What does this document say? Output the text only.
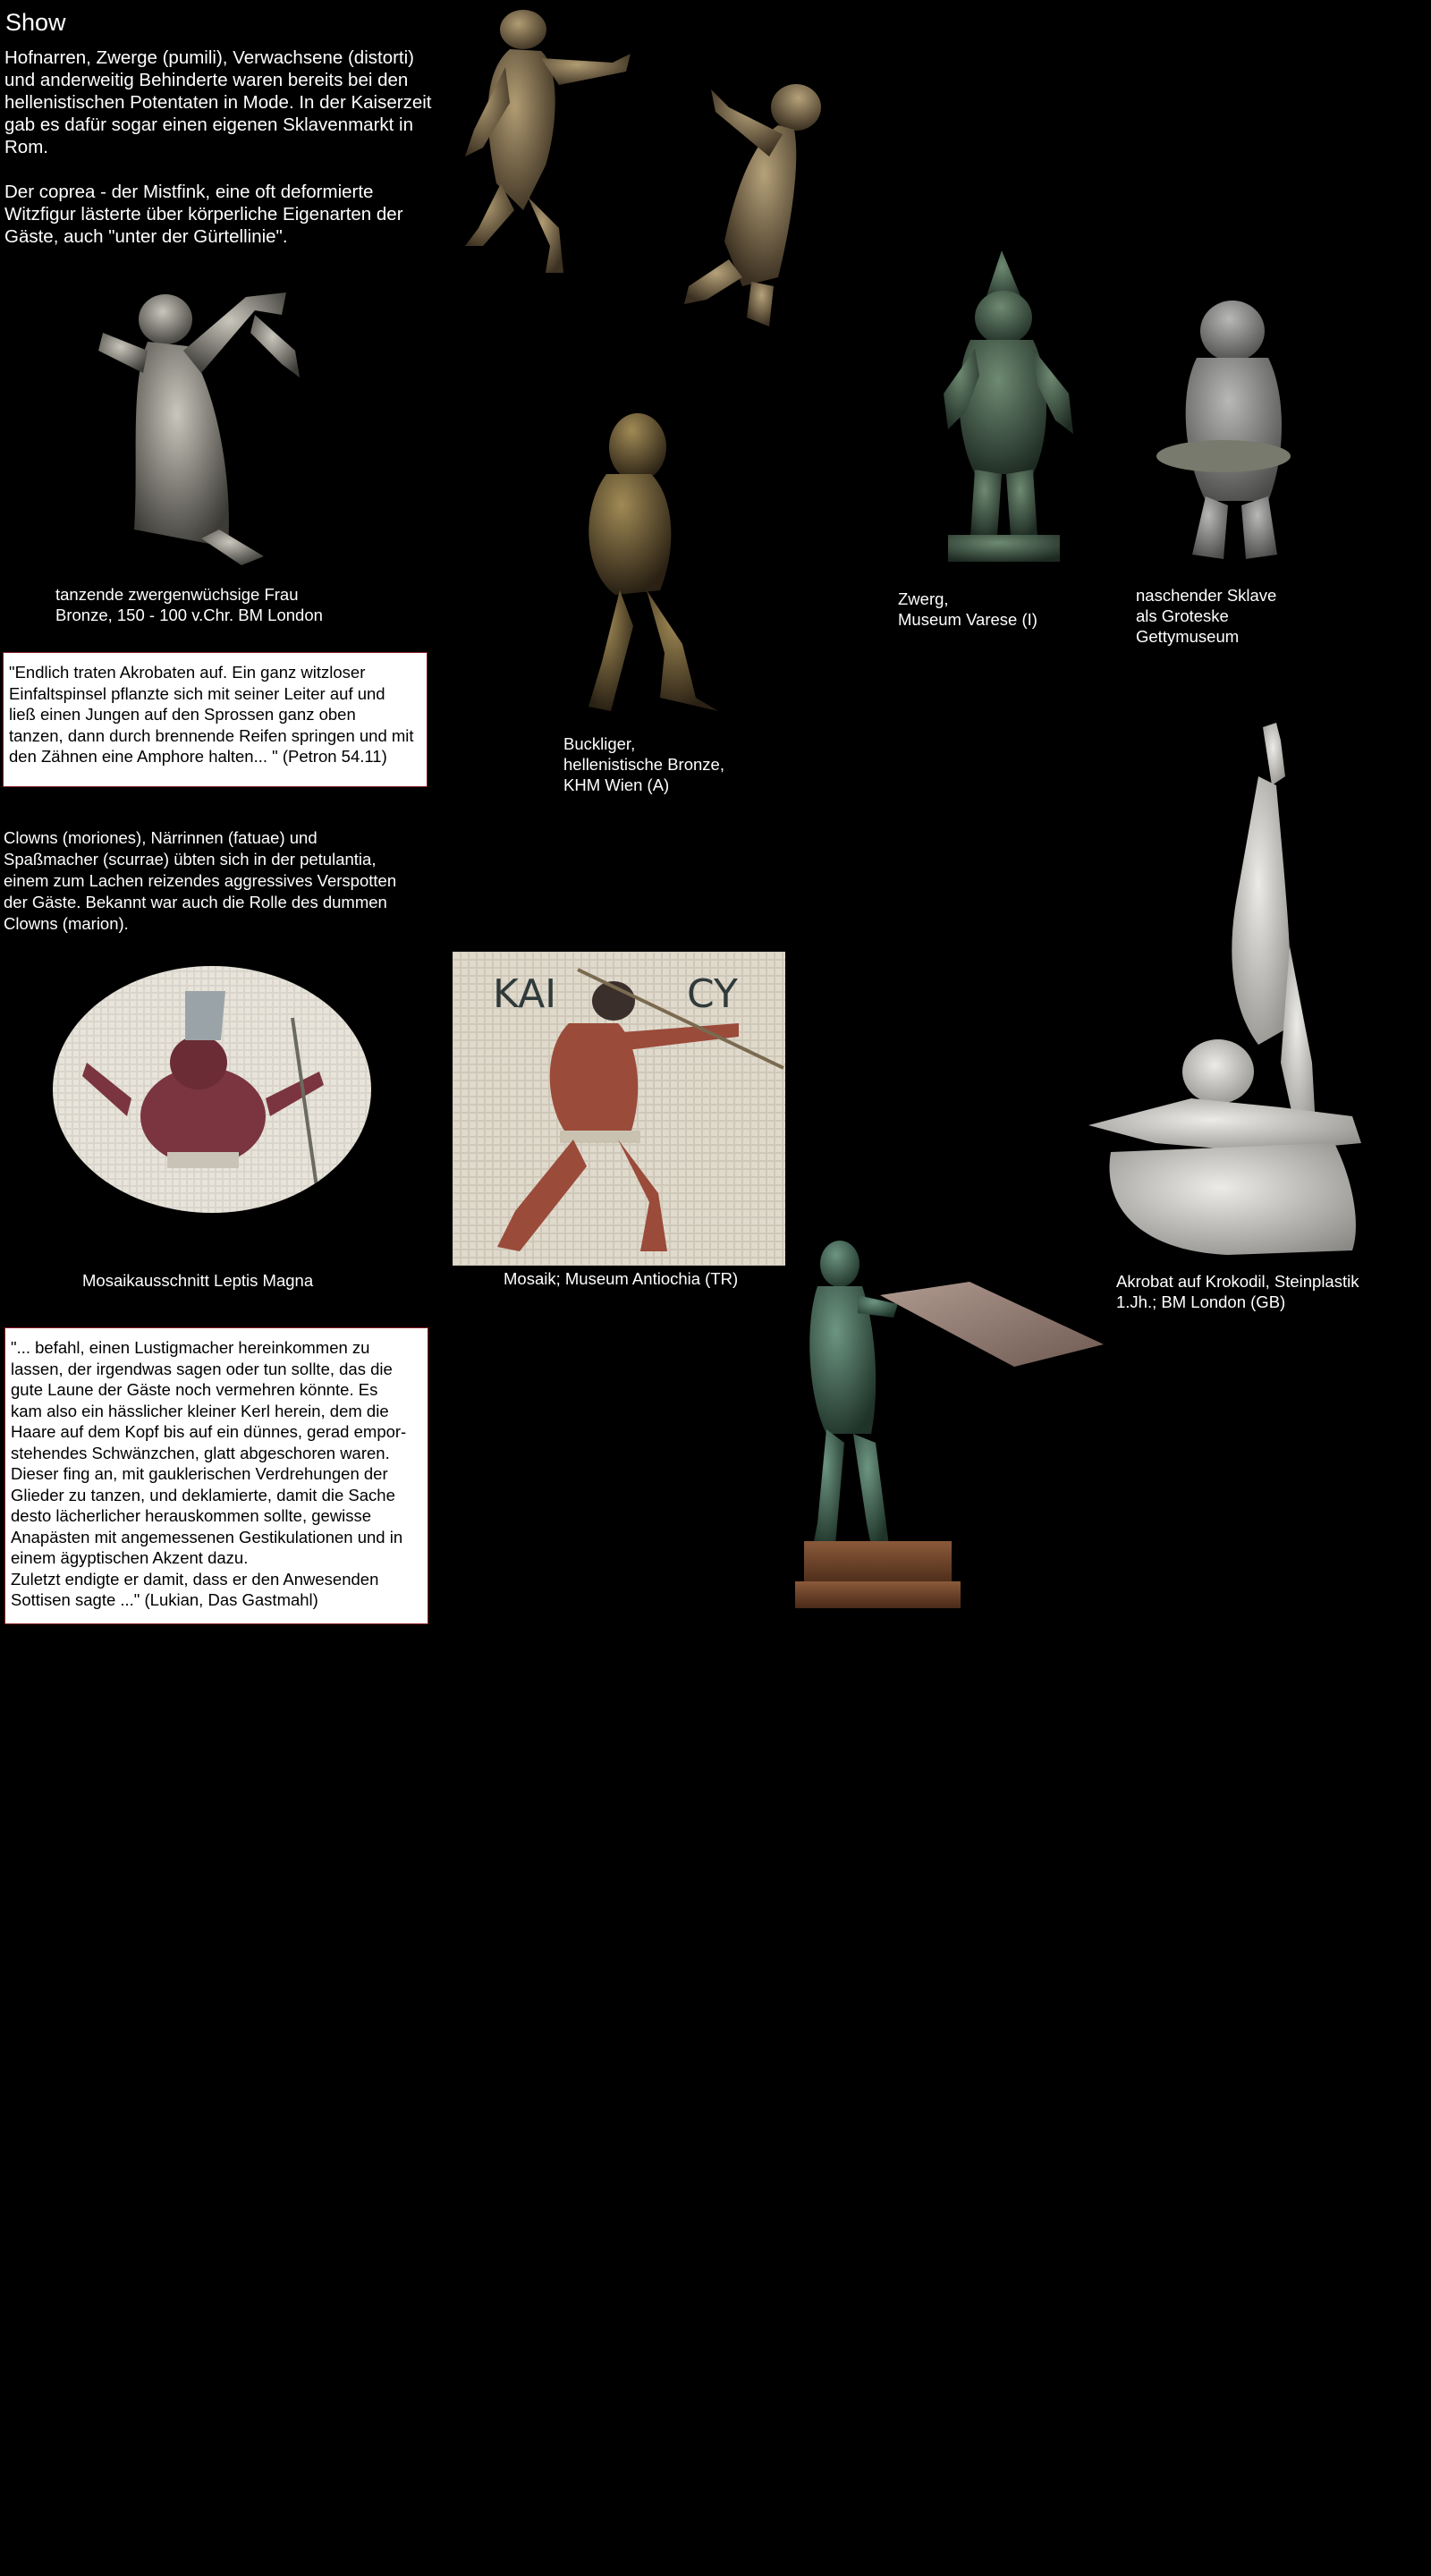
Show

Hofnarren, Zwerge (pumili), Verwachsene (distorti) und anderweitig Behinderte waren bereits bei den hellenistischen Potentaten in Mode. In der Kaiserzeit gab es dafür sogar einen eigenen Sklavenmarkt in Rom.

Der coprea - der Mistfink, eine oft deformierte Witzfigur lästerte über körperliche Eigenarten der Gäste, auch "unter der Gürtellinie".

tanzende zwergenwüchsige Frau
Bronze, 150 - 100 v.Chr. BM London
Buckliger,
hellenistische Bronze,
KHM Wien (A)
Zwerg,
Museum Varese (I)
naschender Sklave
als Groteske
Gettymuseum
"Endlich traten Akrobaten auf. Ein ganz witzloser
Einfaltspinsel pflanzte sich mit seiner Leiter auf und
ließ einen Jungen auf den Sprossen ganz oben
tanzen, dann durch brennende Reifen springen und mit
den Zähnen eine Amphore halten... " (Petron 54.11)
Clowns (moriones), Närrinnen (fatuae) und Spaßmacher (scurrae) übten sich in der petulantia, einem zum Lachen reizendes aggressives Verspotten der Gäste. Bekannt war auch die Rolle des dummen Clowns (marion).
Mosaikausschnitt Leptis Magna
KAI	CY
Mosaik; Museum Antiochia (TR)	Akrobat auf Krokodil, Steinplastik
1.Jh.; BM London (GB)
"... befahl, einen Lustigmacher hereinkommen zu
lassen, der irgendwas sagen oder tun sollte, das die
gute Laune der Gäste noch vermehren könnte. Es
kam also ein hässlicher kleiner Kerl herein, dem die
Haare auf dem Kopf bis auf ein dünnes, gerad empor-
stehendes Schwänzchen, glatt abgeschoren waren.
Dieser fing an, mit gauklerischen Verdrehungen der
Glieder zu tanzen, und deklamierte, damit die Sache
desto lächerlicher herauskommen sollte, gewisse
Anapästen mit angemessenen Gestikulationen und in
einem ägyptischen Akzent dazu.
Zuletzt endigte er damit, dass er den Anwesenden
Sottisen sagte ..." (Lukian, Das Gastmahl)
